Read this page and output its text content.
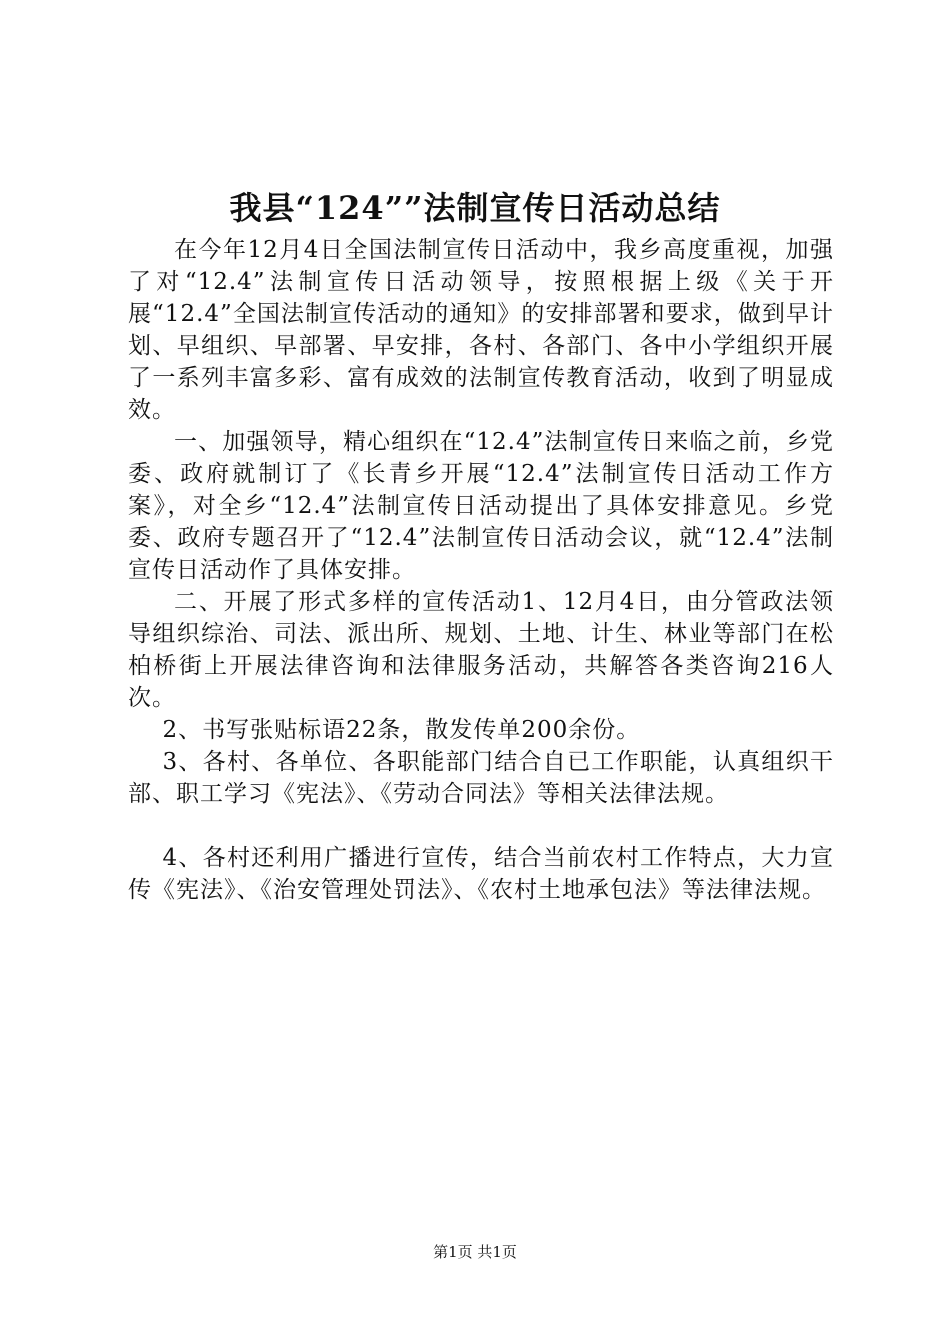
我县“124””法制宣传日活动总结

在今年12月4日全国法制宣传日活动中，我乡高度重视，加强了对“12.4”法制宣传日活动领导，按照根据上级《关于开展“12.4”全国法制宣传活动的通知》的安排部署和要求，做到早计划、早组织、早部署、早安排，各村、各部门、各中小学组织开展了一系列丰富多彩、富有成效的法制宣传教育活动，收到了明显成效。

一、加强领导，精心组织在“12.4”法制宣传日来临之前，乡党委、政府就制订了《长青乡开展“12.4”法制宣传日活动工作方案》，对全乡“12.4”法制宣传日活动提出了具体安排意见。乡党委、政府专题召开了“12.4”法制宣传日活动会议，就“12.4”法制宣传日活动作了具体安排。

二、开展了形式多样的宣传活动1、12月4日，由分管政法领导组织综治、司法、派出所、规划、土地、计生、林业等部门在松柏桥街上开展法律咨询和法律服务活动，共解答各类咨询216人次。

2、书写张贴标语22条，散发传单200余份。

3、各村、各单位、各职能部门结合自已工作职能，认真组织干部、职工学习《宪法》、《劳动合同法》等相关法律法规。

4、各村还利用广播进行宣传，结合当前农村工作特点，大力宣传《宪法》、《治安管理处罚法》、《农村土地承包法》等法律法规。

第1页 共1页
